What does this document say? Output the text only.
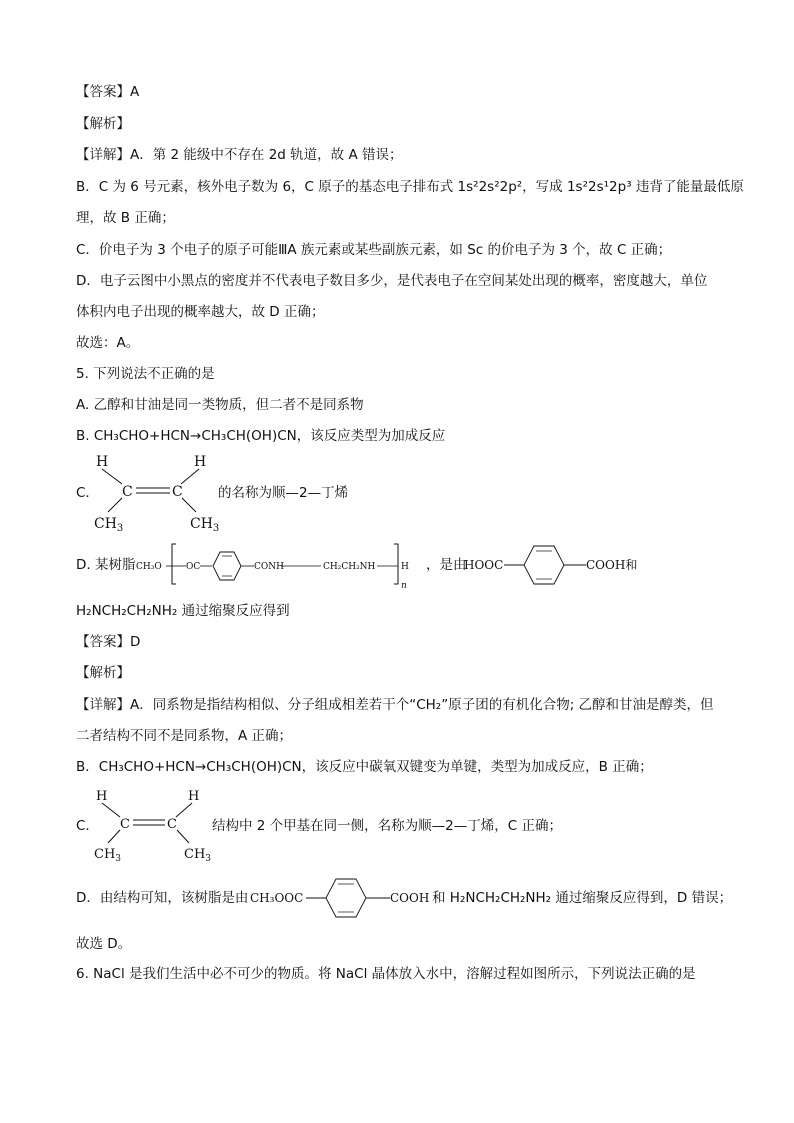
【答案】A
【解析】
【详解】A．第 2 能级中不存在 2d 轨道，故 A 错误；
B．C 为 6 号元素，核外电子数为 6，C 原子的基态电子排布式 1s²2s²2p²，写成 1s²2s¹2p³ 违背了能量最低原
理，故 B 正确；
C．价电子为 3 个电子的原子可能ⅢA 族元素或某些副族元素，如 Sc 的价电子为 3 个，故 C 正确；
D．电子云图中小黑点的密度并不代表电子数目多少，是代表电子在空间某处出现的概率，密度越大，单位
体积内电子出现的概率越大，故 D 正确；
故选：A。
5. 下列说法不正确的是
A. 乙醇和甘油是同一类物质，但二者不是同系物
B. CH₃CHO+HCN→CH₃CH(OH)CN，该反应类型为加成反应
C.
H	H
C	C
$CH_3$	$CH_3$
的名称为顺—2—丁烯
D. 某树脂 CH₃O	OC	CONH	CH₂CH₂NH	H
n
，是由
HOOC	COOH和
H₂NCH₂CH₂NH₂ 通过缩聚反应得到
【答案】D
【解析】
【详解】A．同系物是指结构相似、分子组成相差若干个“CH₂”原子团的有机化合物; 乙醇和甘油是醇类，但
二者结构不同不是同系物，A 正确；
B．CH₃CHO+HCN→CH₃CH(OH)CN，该反应中碳氧双键变为单键，类型为加成反应，B 正确；
C．
H	H
C	C
$CH_3$	$CH_3$
结构中 2 个甲基在同一侧，名称为顺—2—丁烯，C 正确；
D．由结构可知，该树脂是由 CH₃OOC	COOH 和 H₂NCH₂CH₂NH₂ 通过缩聚反应得到，D 错误；
故选 D。
6. NaCl 是我们生活中必不可少的物质。将 NaCl 晶体放入水中，溶解过程如图所示，下列说法正确的是
